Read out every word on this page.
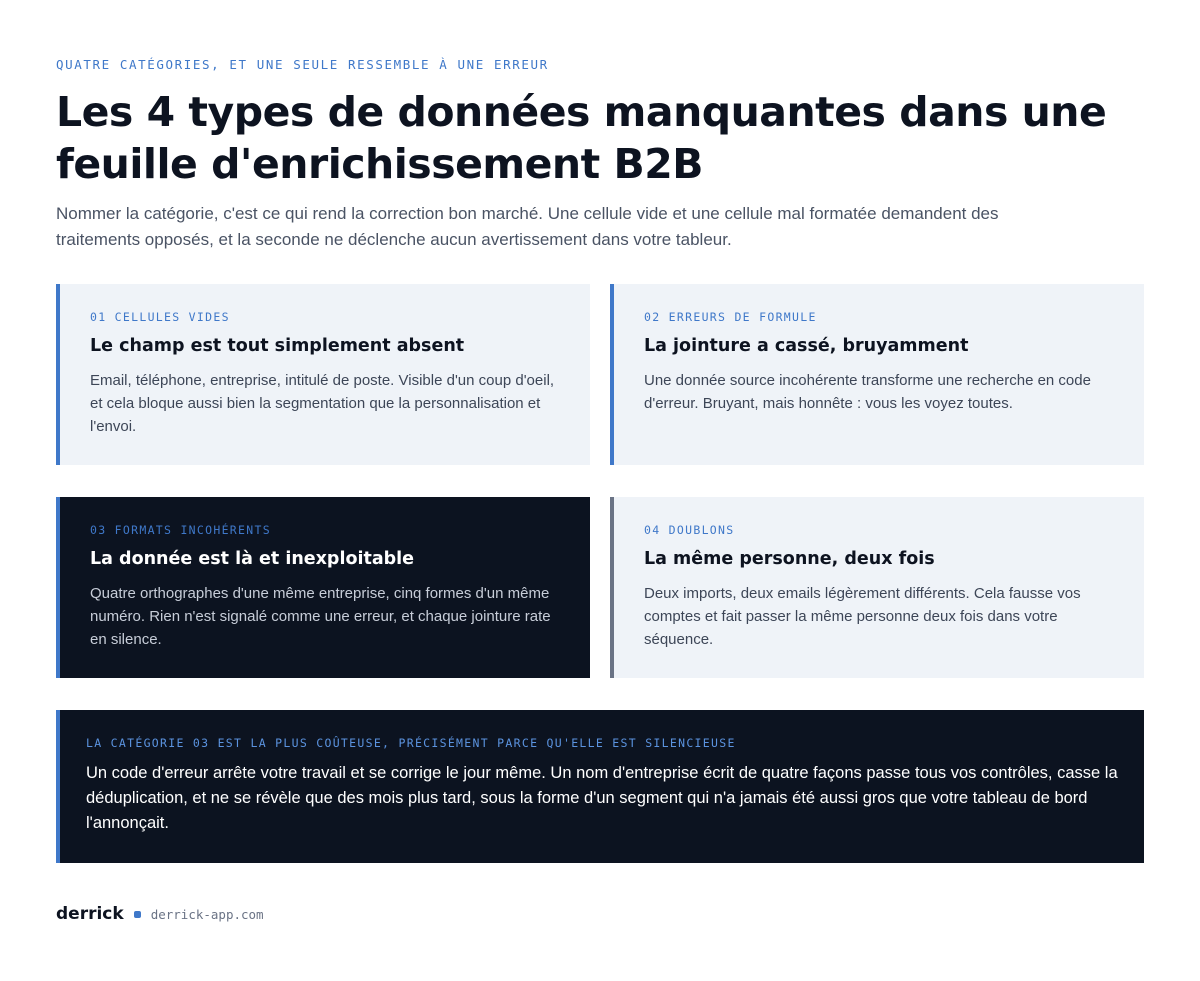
QUATRE CATÉGORIES, ET UNE SEULE RESSEMBLE À UNE ERREUR
Les 4 types de données manquantes dans une feuille d'enrichissement B2B

Nommer la catégorie, c'est ce qui rend la correction bon marché. Une cellule vide et une cellule mal formatée demandent des traitements opposés, et la seconde ne déclenche aucun avertissement dans votre tableur.

01 CELLULES VIDES
Le champ est tout simplement absent

Email, téléphone, entreprise, intitulé de poste. Visible d'un coup d'oeil, et cela bloque aussi bien la segmentation que la personnalisation et l'envoi.

02 ERREURS DE FORMULE
La jointure a cassé, bruyamment

Une donnée source incohérente transforme une recherche en code d'erreur. Bruyant, mais honnête : vous les voyez toutes.

03 FORMATS INCOHÉRENTS
La donnée est là et inexploitable

Quatre orthographes d'une même entreprise, cinq formes d'un même numéro. Rien n'est signalé comme une erreur, et chaque jointure rate en silence.

04 DOUBLONS
La même personne, deux fois

Deux imports, deux emails légèrement différents. Cela fausse vos comptes et fait passer la même personne deux fois dans votre séquence.

LA CATÉGORIE 03 EST LA PLUS COÛTEUSE, PRÉCISÉMENT PARCE QU'ELLE EST SILENCIEUSE

Un code d'erreur arrête votre travail et se corrige le jour même. Un nom d'entreprise écrit de quatre façons passe tous vos contrôles, casse la déduplication, et ne se révèle que des mois plus tard, sous la forme d'un segment qui n'a jamais été aussi gros que votre tableau de bord l'annonçait.

derrick derrick-app.com
